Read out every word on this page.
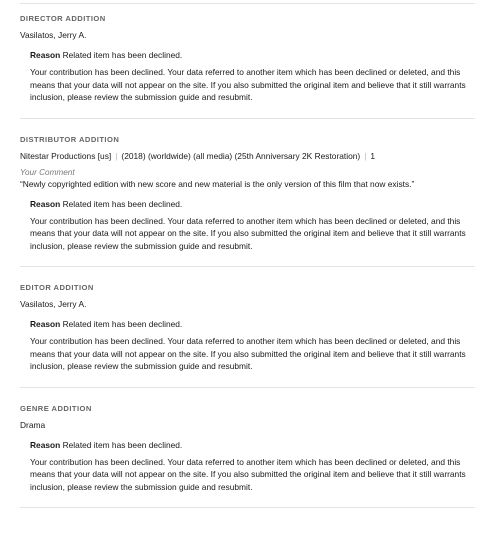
DIRECTOR ADDITION
Vasilatos, Jerry A.
Reason Related item has been declined.
Your contribution has been declined. Your data referred to another item which has been declined or deleted, and this means that your data will not appear on the site. If you also submitted the original item and believe that it still warrants inclusion, please review the submission guide and resubmit.
DISTRIBUTOR ADDITION
Nitestar Productions [us] | (2018) (worldwide) (all media) (25th Anniversary 2K Restoration) | 1
Your Comment
“Newly copyrighted edition with new score and new material is the only version of this film that now exists.”
Reason Related item has been declined.
Your contribution has been declined. Your data referred to another item which has been declined or deleted, and this means that your data will not appear on the site. If you also submitted the original item and believe that it still warrants inclusion, please review the submission guide and resubmit.
EDITOR ADDITION
Vasilatos, Jerry A.
Reason Related item has been declined.
Your contribution has been declined. Your data referred to another item which has been declined or deleted, and this means that your data will not appear on the site. If you also submitted the original item and believe that it still warrants inclusion, please review the submission guide and resubmit.
GENRE ADDITION
Drama
Reason Related item has been declined.
Your contribution has been declined. Your data referred to another item which has been declined or deleted, and this means that your data will not appear on the site. If you also submitted the original item and believe that it still warrants inclusion, please review the submission guide and resubmit.
